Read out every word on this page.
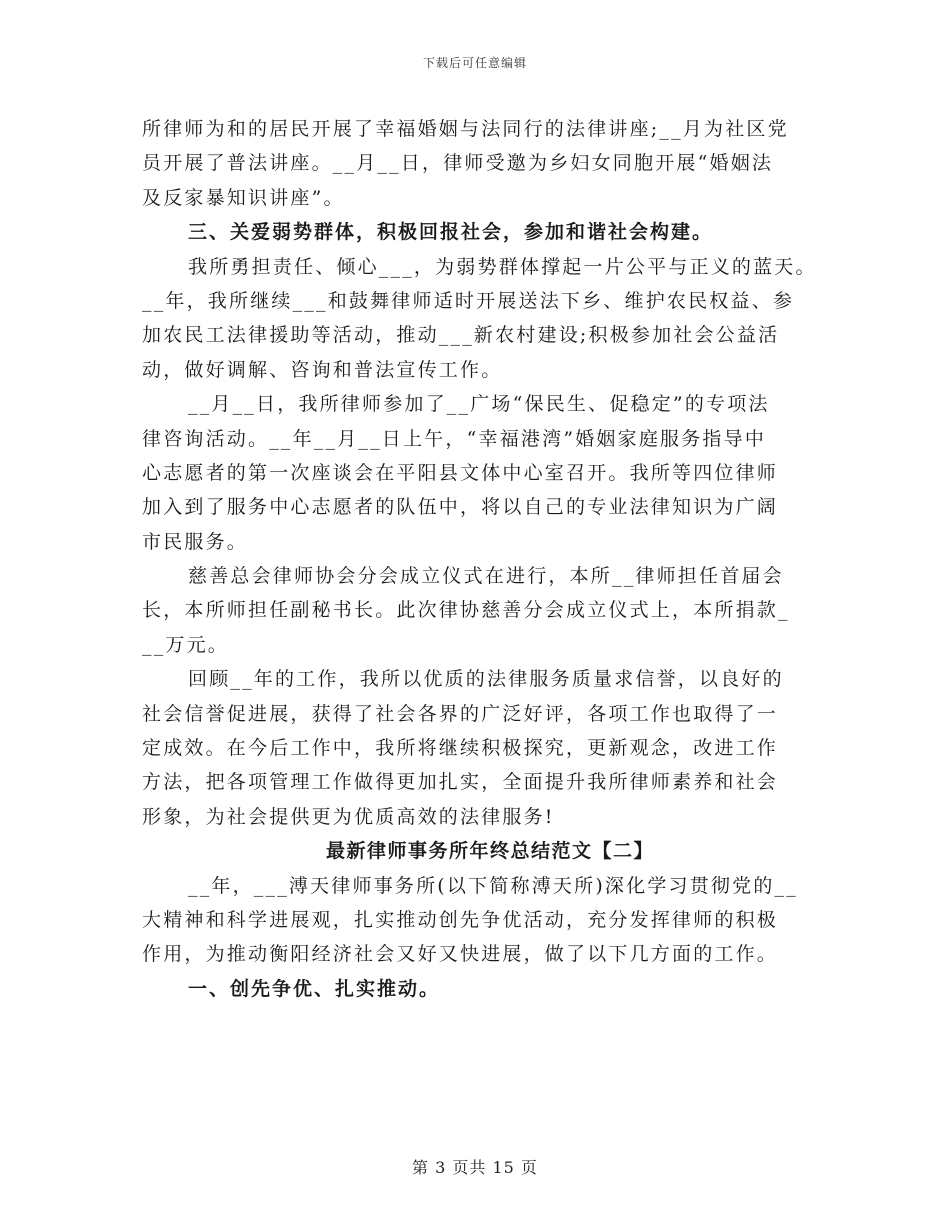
下载后可任意编辑
所律师为和的居民开展了幸福婚姻与法同行的法律讲座;__月为社区党
员开展了普法讲座。__月__日，律师受邀为乡妇女同胞开展“婚姻法
及反家暴知识讲座”。
三、关爱弱势群体，积极回报社会，参加和谐社会构建。
我所勇担责任、倾心___，为弱势群体撑起一片公平与正义的蓝天。
__年，我所继续___和鼓舞律师适时开展送法下乡、维护农民权益、参
加农民工法律援助等活动，推动___新农村建设;积极参加社会公益活
动，做好调解、咨询和普法宣传工作。
__月__日，我所律师参加了__广场“保民生、促稳定”的专项法
律咨询活动。__年__月__日上午，“幸福港湾”婚姻家庭服务指导中
心志愿者的第一次座谈会在平阳县文体中心室召开。我所等四位律师
加入到了服务中心志愿者的队伍中，将以自己的专业法律知识为广阔
市民服务。
慈善总会律师协会分会成立仪式在进行，本所__律师担任首届会
长，本所师担任副秘书长。此次律协慈善分会成立仪式上，本所捐款_
__万元。
回顾__年的工作，我所以优质的法律服务质量求信誉，以良好的
社会信誉促进展，获得了社会各界的广泛好评，各项工作也取得了一
定成效。在今后工作中，我所将继续积极探究，更新观念，改进工作
方法，把各项管理工作做得更加扎实，全面提升我所律师素养和社会
形象，为社会提供更为优质高效的法律服务!
最新律师事务所年终总结范文【二】
__年，___溥天律师事务所(以下简称溥天所)深化学习贯彻党的__
大精神和科学进展观，扎实推动创先争优活动，充分发挥律师的积极
作用，为推动衡阳经济社会又好又快进展，做了以下几方面的工作。
一、创先争优、扎实推动。
第 3 页共 15 页
